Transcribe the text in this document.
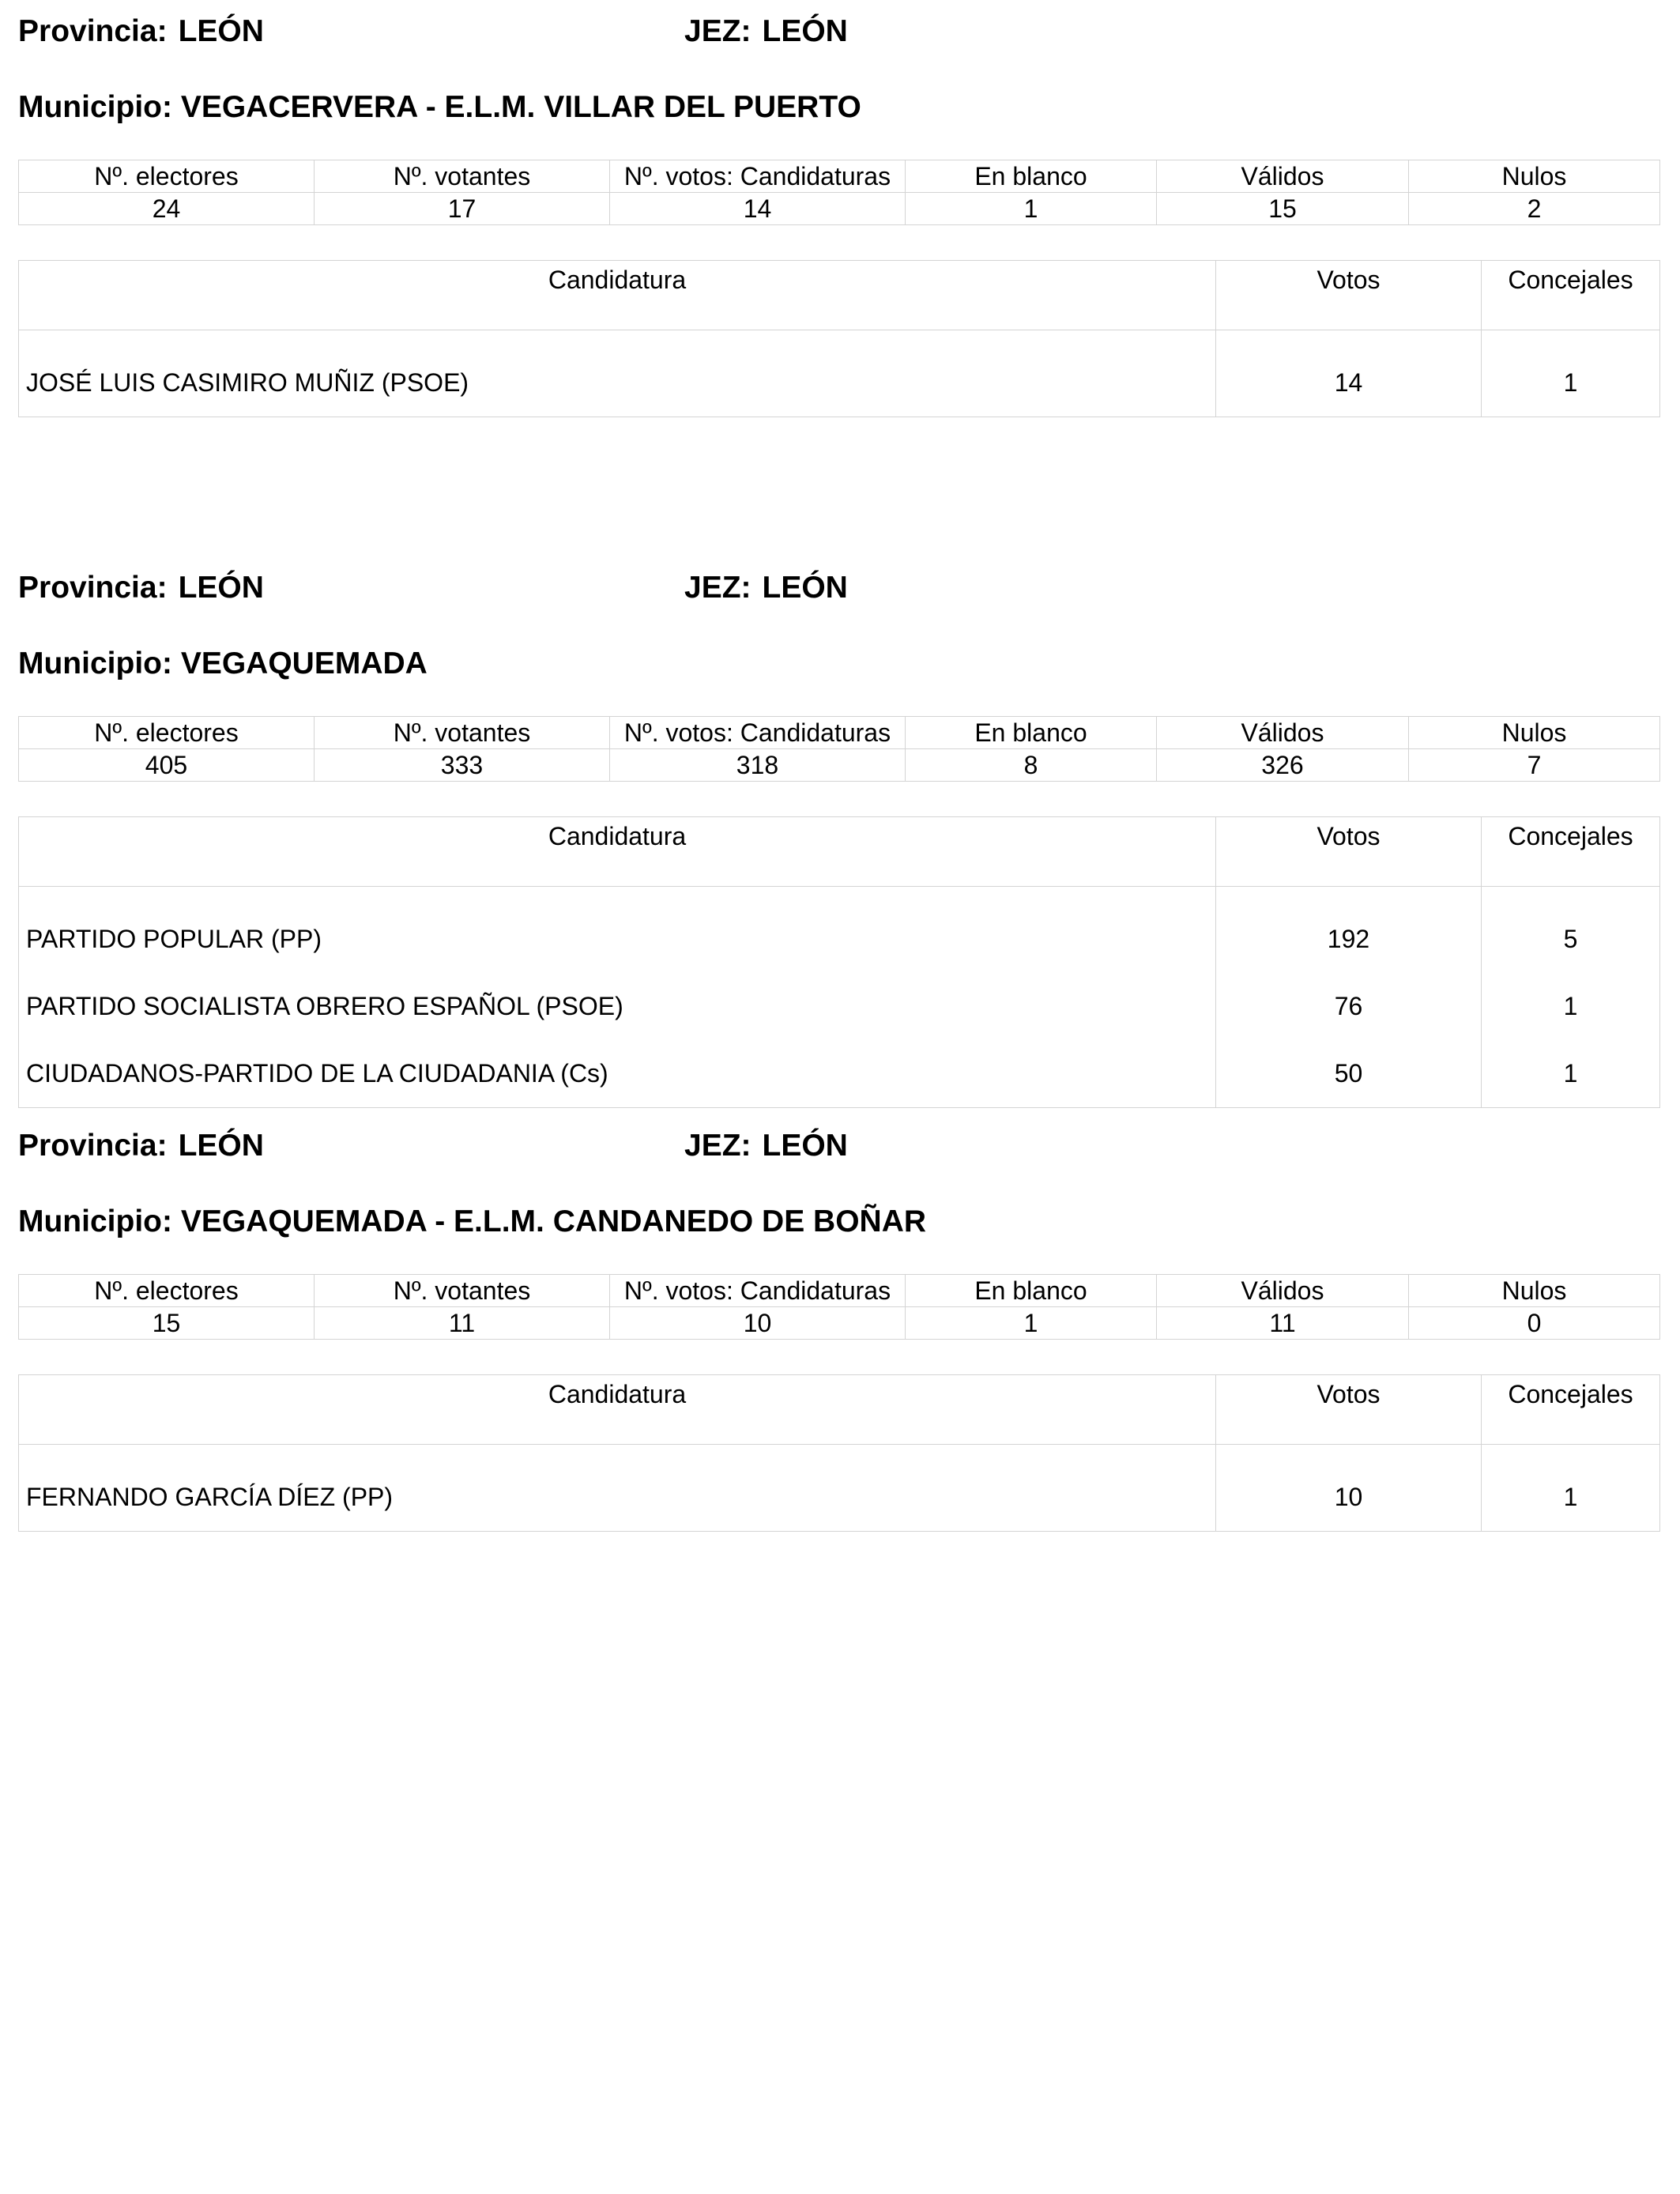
Provincia: LEÓN	JEZ: LEÓN
Municipio: VEGACERVERA - E.L.M. VILLAR DEL PUERTO
Nº. electores	Nº. votantes	Nº. votos: Candidaturas	En blanco	Válidos	Nulos
24	17	14	1	15	2
Candidatura	Votos	Concejales
JOSÉ LUIS CASIMIRO MUÑIZ (PSOE)	14	1
Provincia: LEÓN	JEZ: LEÓN
Municipio: VEGAQUEMADA
Nº. electores	Nº. votantes	Nº. votos: Candidaturas	En blanco	Válidos	Nulos
405	333	318	8	326	7
Candidatura	Votos	Concejales
PARTIDO POPULAR (PP)	192	5
PARTIDO SOCIALISTA OBRERO ESPAÑOL (PSOE)	76	1
CIUDADANOS-PARTIDO DE LA CIUDADANIA (Cs)	50	1
Provincia: LEÓN	JEZ: LEÓN
Municipio: VEGAQUEMADA - E.L.M. CANDANEDO DE BOÑAR
Nº. electores	Nº. votantes	Nº. votos: Candidaturas	En blanco	Válidos	Nulos
15	11	10	1	11	0
Candidatura	Votos	Concejales
FERNANDO GARCÍA DÍEZ (PP)	10	1
